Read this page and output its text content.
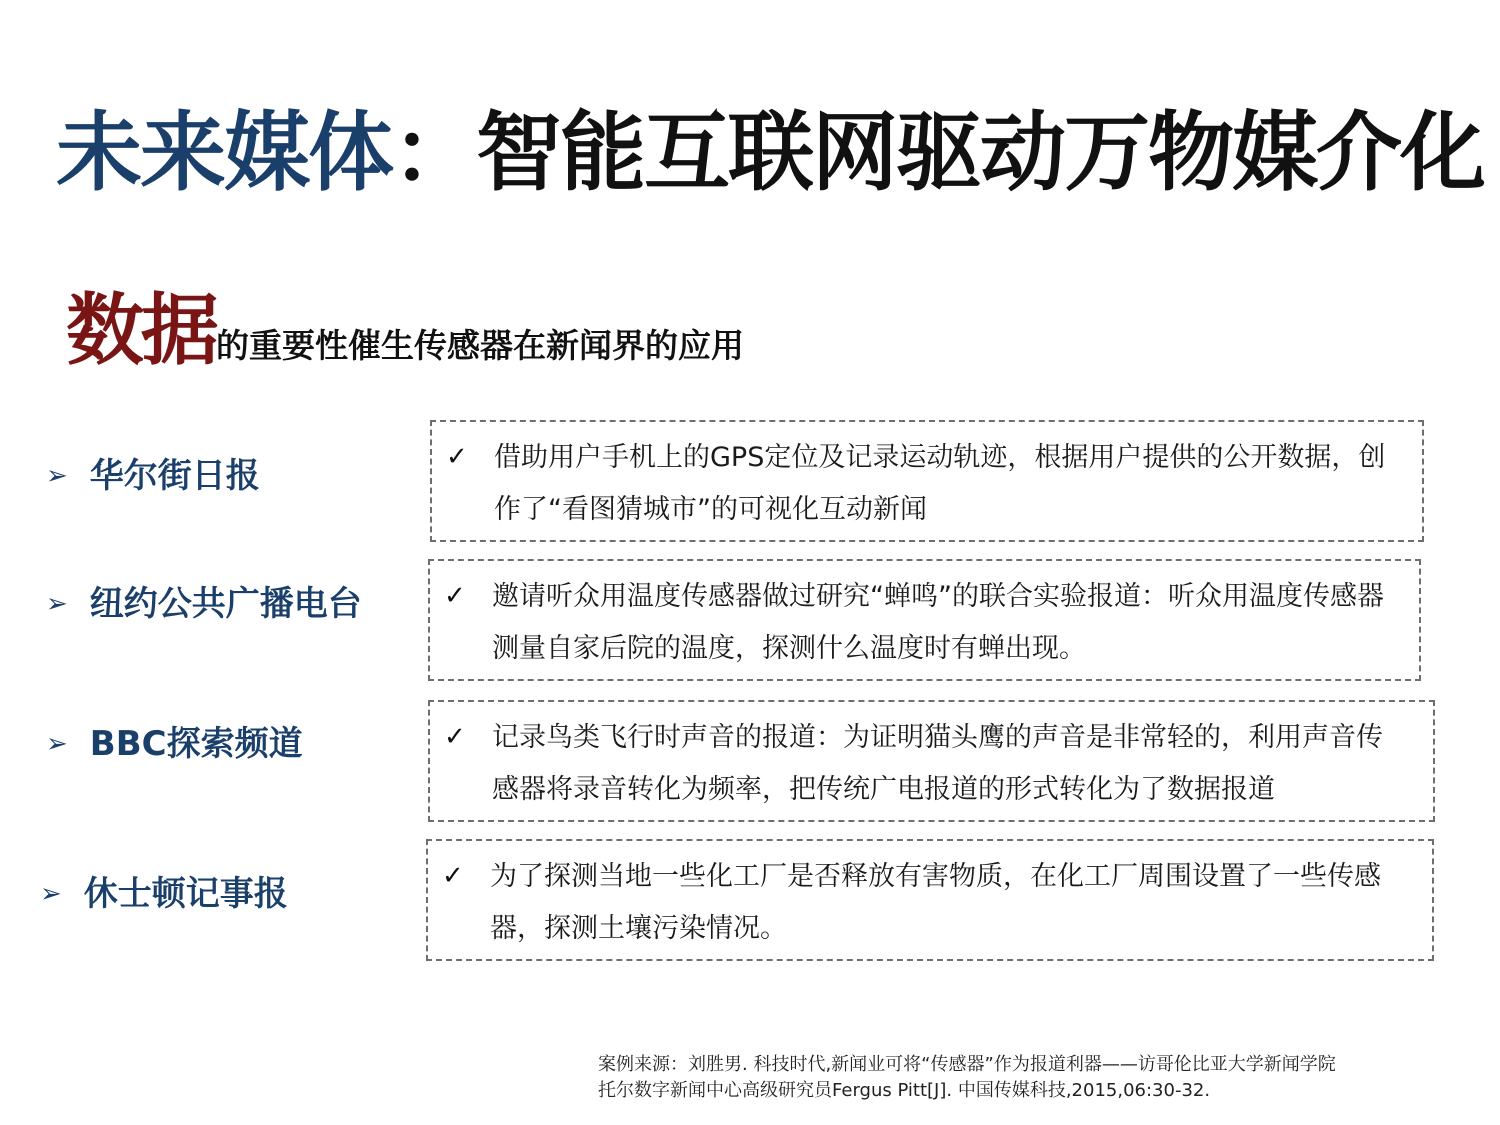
未来媒体：智能互联网驱动万物媒介化
数据的重要性催生传感器在新闻界的应用
➢ 华尔街日报	✓ 借助用户手机上的GPS定位及记录运动轨迹，根据用户提供的公开数据，创作了“看图猜城市”的可视化互动新闻
➢ 纽约公共广播电台	✓ 邀请听众用温度传感器做过研究“蝉鸣”的联合实验报道：听众用温度传感器测量自家后院的温度，探测什么温度时有蝉出现。
➢ BBC探索频道	✓ 记录鸟类飞行时声音的报道：为证明猫头鹰的声音是非常轻的，利用声音传感器将录音转化为频率，把传统广电报道的形式转化为了数据报道
➢ 休士顿记事报	✓ 为了探测当地一些化工厂是否释放有害物质，在化工厂周围设置了一些传感器，探测土壤污染情况。
案例来源：刘胜男. 科技时代,新闻业可将“传感器”作为报道利器——访哥伦比亚大学新闻学院
托尔数字新闻中心高级研究员Fergus Pitt[J]. 中国传媒科技,2015,06:30-32.
